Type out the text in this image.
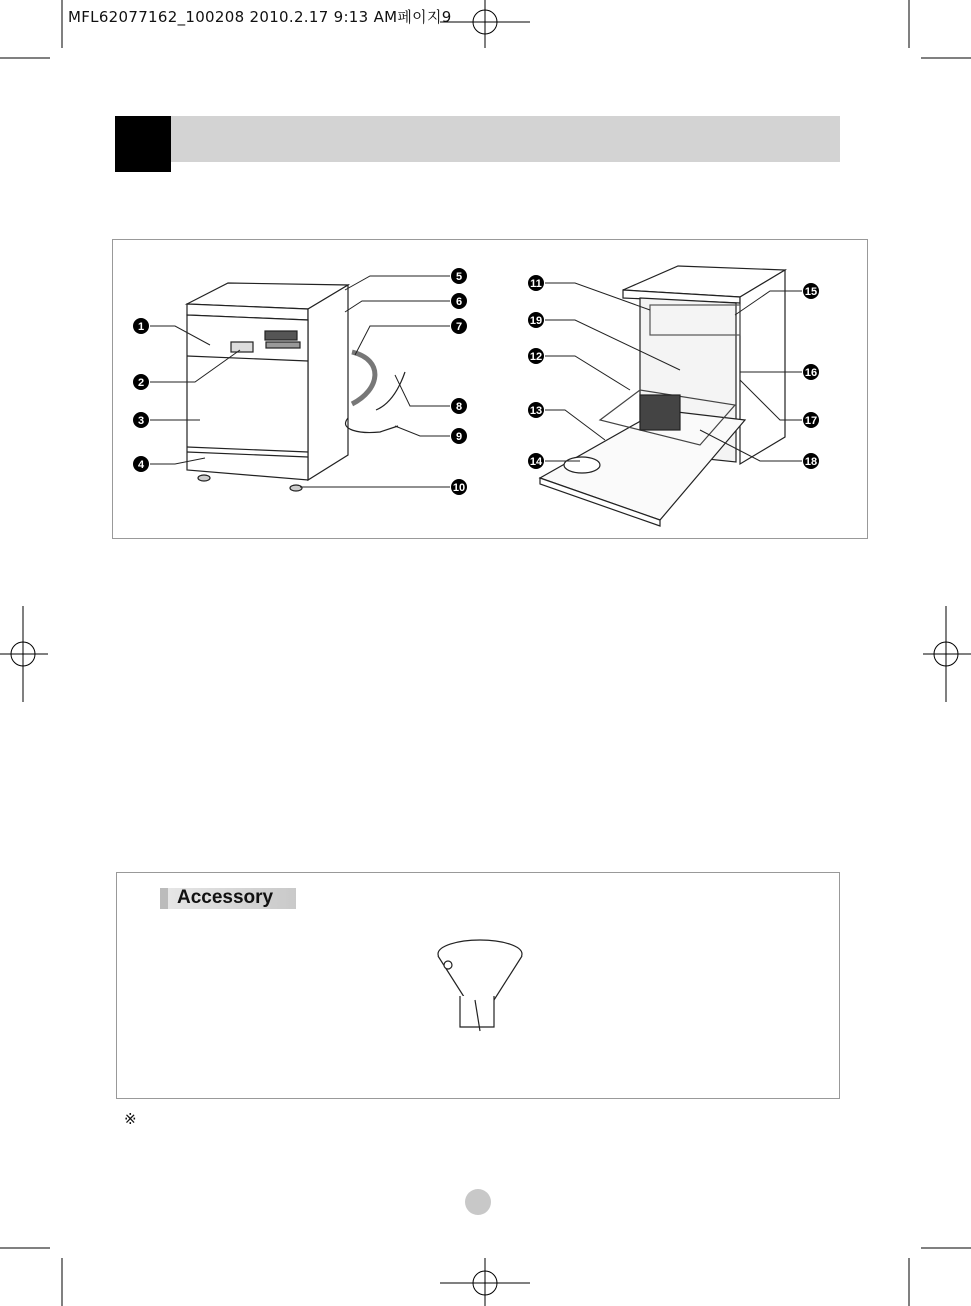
MFL62077162_100208 2010.2.17 9:13 AM페이지9
1
2
3
4
5
6
7
8
9
10
11
19
12
13
14
15
16
17
18
Accessory
※
